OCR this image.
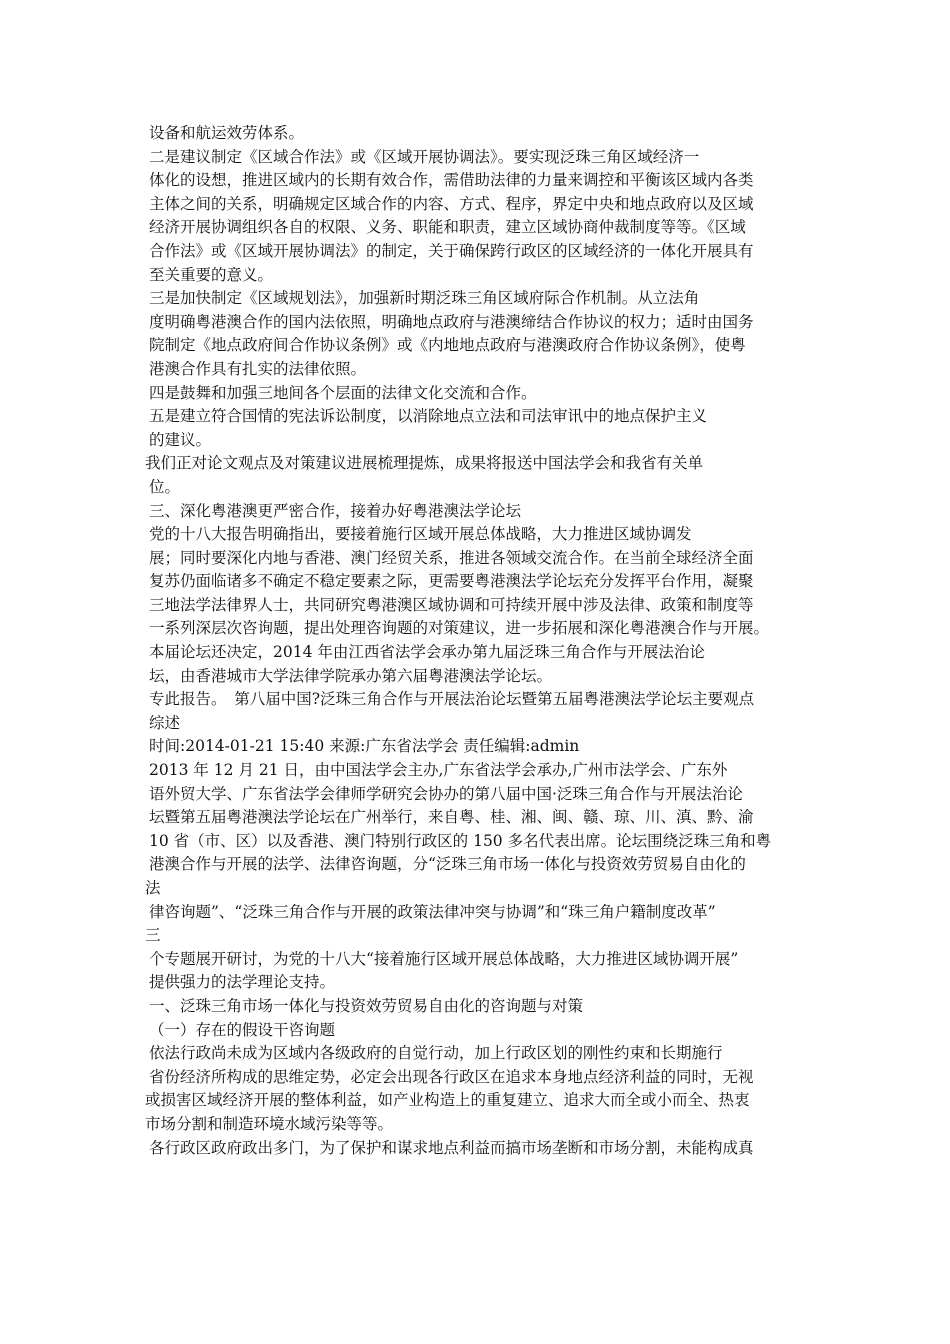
设备和航运效劳体系。
二是建议制定《区域合作法》或《区域开展协调法》。要实现泛珠三角区域经济一
体化的设想，推进区域内的长期有效合作，需借助法律的力量来调控和平衡该区域内各类
主体之间的关系，明确规定区域合作的内容、方式、程序，界定中央和地点政府以及区域
经济开展协调组织各自的权限、义务、职能和职责，建立区域协商仲裁制度等等。《区域
合作法》或《区域开展协调法》的制定，关于确保跨行政区的区域经济的一体化开展具有
至关重要的意义。
三是加快制定《区域规划法》，加强新时期泛珠三角区域府际合作机制。从立法角
度明确粤港澳合作的国内法依照，明确地点政府与港澳缔结合作协议的权力；适时由国务
院制定《地点政府间合作协议条例》或《内地地点政府与港澳政府合作协议条例》，使粤
港澳合作具有扎实的法律依照。
四是鼓舞和加强三地间各个层面的法律文化交流和合作。
五是建立符合国情的宪法诉讼制度，以消除地点立法和司法审讯中的地点保护主义
的建议。
我们正对论文观点及对策建议进展梳理提炼，成果将报送中国法学会和我省有关单
位。
三、深化粤港澳更严密合作，接着办好粤港澳法学论坛
党的十八大报告明确指出，要接着施行区域开展总体战略，大力推进区域协调发
展；同时要深化内地与香港、澳门经贸关系，推进各领域交流合作。在当前全球经济全面
复苏仍面临诸多不确定不稳定要素之际，更需要粤港澳法学论坛充分发挥平台作用，凝聚
三地法学法律界人士，共同研究粤港澳区域协调和可持续开展中涉及法律、政策和制度等
一系列深层次咨询题，提出处理咨询题的对策建议，进一步拓展和深化粤港澳合作与开展。
本届论坛还决定，2014 年由江西省法学会承办第九届泛珠三角合作与开展法治论
坛，由香港城市大学法律学院承办第六届粤港澳法学论坛。
专此报告。　第八届中国?泛珠三角合作与开展法治论坛暨第五届粤港澳法学论坛主要观点
综述
时间:2014-01-21 15:40 来源:广东省法学会 责任编辑:admin
2013 年 12 月 21 日，由中国法学会主办,广东省法学会承办,广州市法学会、广东外
语外贸大学、广东省法学会律师学研究会协办的第八届中国·泛珠三角合作与开展法治论
坛暨第五届粤港澳法学论坛在广州举行，来自粤、桂、湘、闽、赣、琼、川、滇、黔、渝
10 省（市、区）以及香港、澳门特别行政区的 150 多名代表出席。论坛围绕泛珠三角和粤
港澳合作与开展的法学、法律咨询题，分“泛珠三角市场一体化与投资效劳贸易自由化的
法
律咨询题”、“泛珠三角合作与开展的政策法律冲突与协调”和“珠三角户籍制度改革”
三
个专题展开研讨，为党的十八大“接着施行区域开展总体战略，大力推进区域协调开展”
提供强力的法学理论支持。
一、泛珠三角市场一体化与投资效劳贸易自由化的咨询题与对策
（一）存在的假设干咨询题
依法行政尚未成为区域内各级政府的自觉行动，加上行政区划的刚性约束和长期施行
省份经济所构成的思维定势，必定会出现各行政区在追求本身地点经济利益的同时，无视
或损害区域经济开展的整体利益，如产业构造上的重复建立、追求大而全或小而全、热衷
市场分割和制造环境水域污染等等。
各行政区政府政出多门，为了保护和谋求地点利益而搞市场垄断和市场分割，未能构成真
